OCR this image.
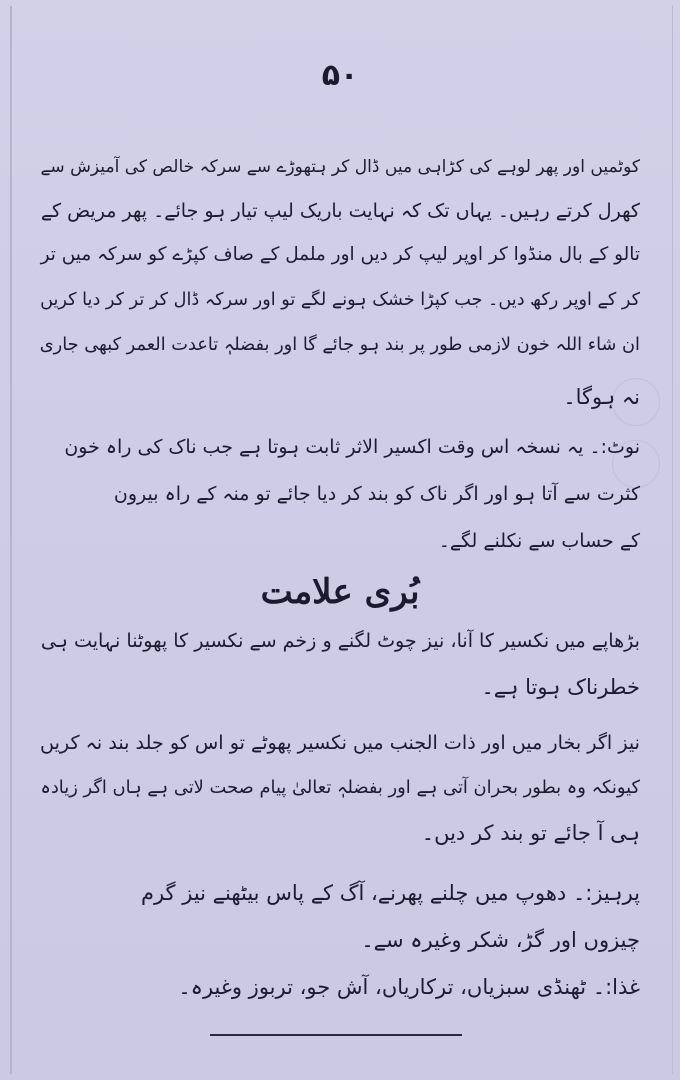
۵۰
کوٹمیں اور پھر لوہے کی کڑاہی میں ڈال کر ہتھوڑے سے سرکہ خالص کی آمیزش سے
کھرل کرتے رہیں۔ یہاں تک کہ نہایت باریک لیپ تیار ہو جائے۔ پھر مریض کے
تالو کے بال منڈوا کر اوپر لیپ کر دیں اور ململ کے صاف کپڑے کو سرکہ میں تر
کر کے اوپر رکھ دیں۔ جب کپڑا خشک ہونے لگے تو اور سرکہ ڈال کر تر کر دیا کریں
ان شاء اللہ خون لازمی طور پر بند ہو جائے گا اور بفضلہٖ تاعدت العمر کبھی جاری
نہ ہوگا۔
نوٹ:۔ یہ نسخہ اس وقت اکسیر الاثر ثابت ہوتا ہے جب ناک کی راہ خون
کثرت سے آتا ہو اور اگر ناک کو بند کر دیا جائے تو منہ کے راہ بیرون
کے حساب سے نکلنے لگے۔
بُری علامت
بڑھاپے میں نکسیر کا آنا، نیز چوٹ لگنے و زخم سے نکسیر کا پھوٹنا نہایت ہی
خطرناک ہوتا ہے۔
نیز اگر بخار میں اور ذات الجنب میں نکسیر پھوٹے تو اس کو جلد بند نہ کریں
کیونکہ وہ بطور بحران آتی ہے اور بفضلہٖ تعالیٰ پیام صحت لاتی ہے ہاں اگر زیادہ
ہی آ جائے تو بند کر دیں۔
پرہیز:۔ دھوپ میں چلنے پھرنے، آگ کے پاس بیٹھنے نیز گرم
چیزوں اور گڑ، شکر وغیرہ سے۔
غذا:۔ ٹھنڈی سبزیاں، ترکاریاں، آش جو، تربوز وغیرہ۔
